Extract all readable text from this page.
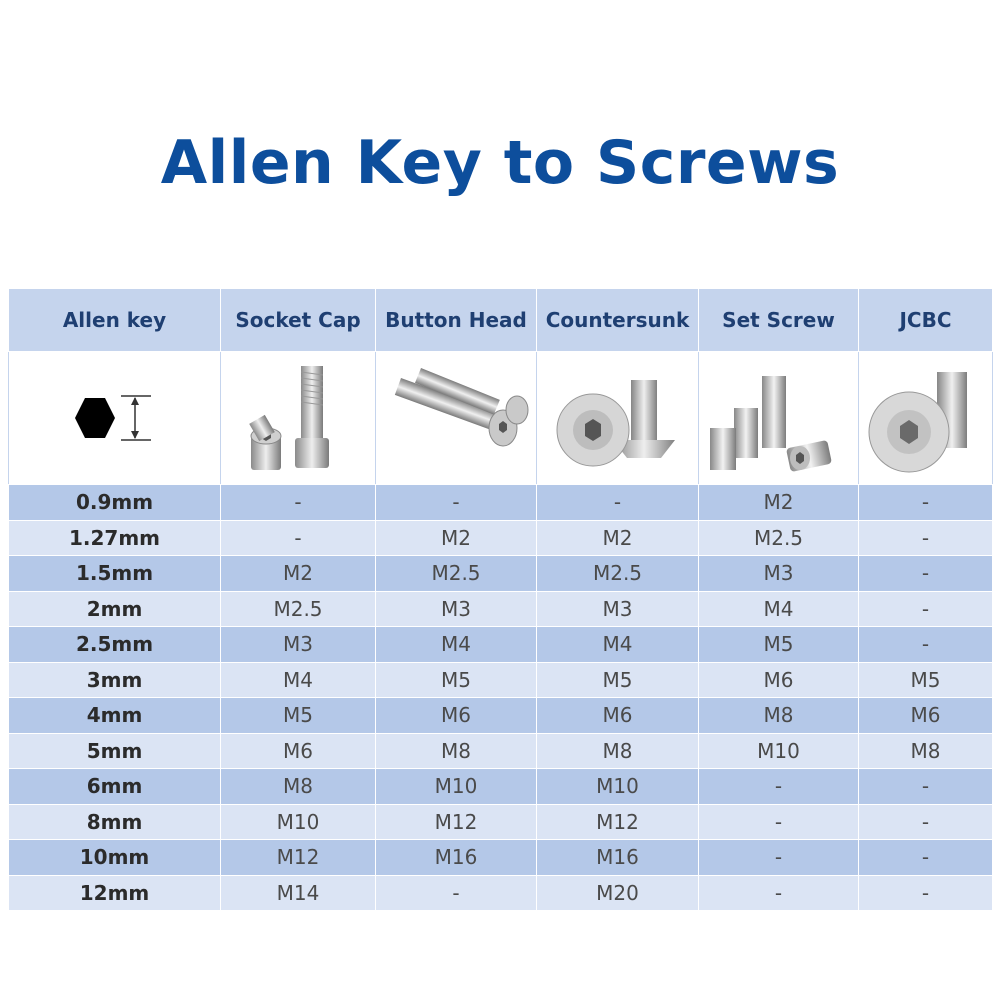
Allen Key to Screws
Allen key	Socket Cap	Button Head	Countersunk	Set Screw	JCBC

0.9mm	-	-	-	M2	-
1.27mm	-	M2	M2	M2.5	-
1.5mm	M2	M2.5	M2.5	M3	-
2mm	M2.5	M3	M3	M4	-
2.5mm	M3	M4	M4	M5	-
3mm	M4	M5	M5	M6	M5
4mm	M5	M6	M6	M8	M6
5mm	M6	M8	M8	M10	M8
6mm	M8	M10	M10	-	-
8mm	M10	M12	M12	-	-
10mm	M12	M16	M16	-	-
12mm	M14	-	M20	-	-
